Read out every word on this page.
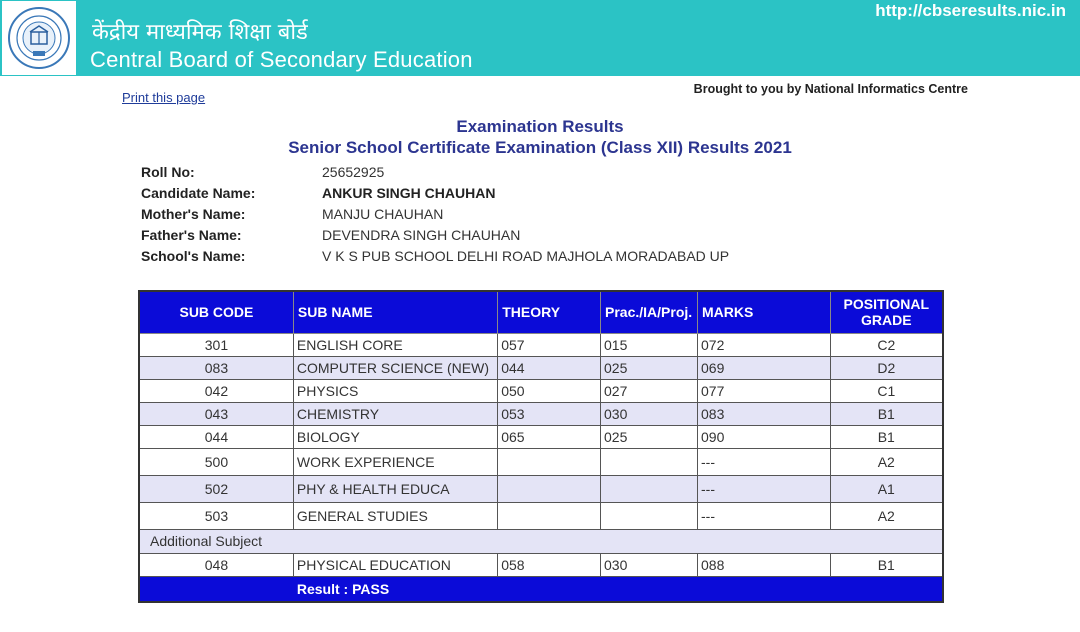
केंद्रीय माध्यमिक शिक्षा बोर्ड
Central Board of Secondary Education
http://cbseresults.nic.in
Print this page
Brought to you by National Informatics Centre
Examination Results
Senior School Certificate Examination (Class XII) Results 2021
Roll No:	25652925
Candidate Name:	ANKUR SINGH CHAUHAN
Mother's Name:	MANJU CHAUHAN
Father's Name:	DEVENDRA SINGH CHAUHAN
School's Name:	V K S PUB SCHOOL DELHI ROAD MAJHOLA MORADABAD UP
SUB CODE	SUB NAME	THEORY	Prac./IA/Proj.	MARKS	POSITIONAL
GRADE
301	ENGLISH CORE	057	015	072	C2
083	COMPUTER SCIENCE (NEW)	044	025	069	D2
042	PHYSICS	050	027	077	C1
043	CHEMISTRY	053	030	083	B1
044	BIOLOGY	065	025	090	B1
500	WORK EXPERIENCE			---	A2
502	PHY & HEALTH EDUCA			---	A1
503	GENERAL STUDIES			---	A2
Additional Subject					
048	PHYSICAL EDUCATION	058	030	088	B1
	Result : PASS				
